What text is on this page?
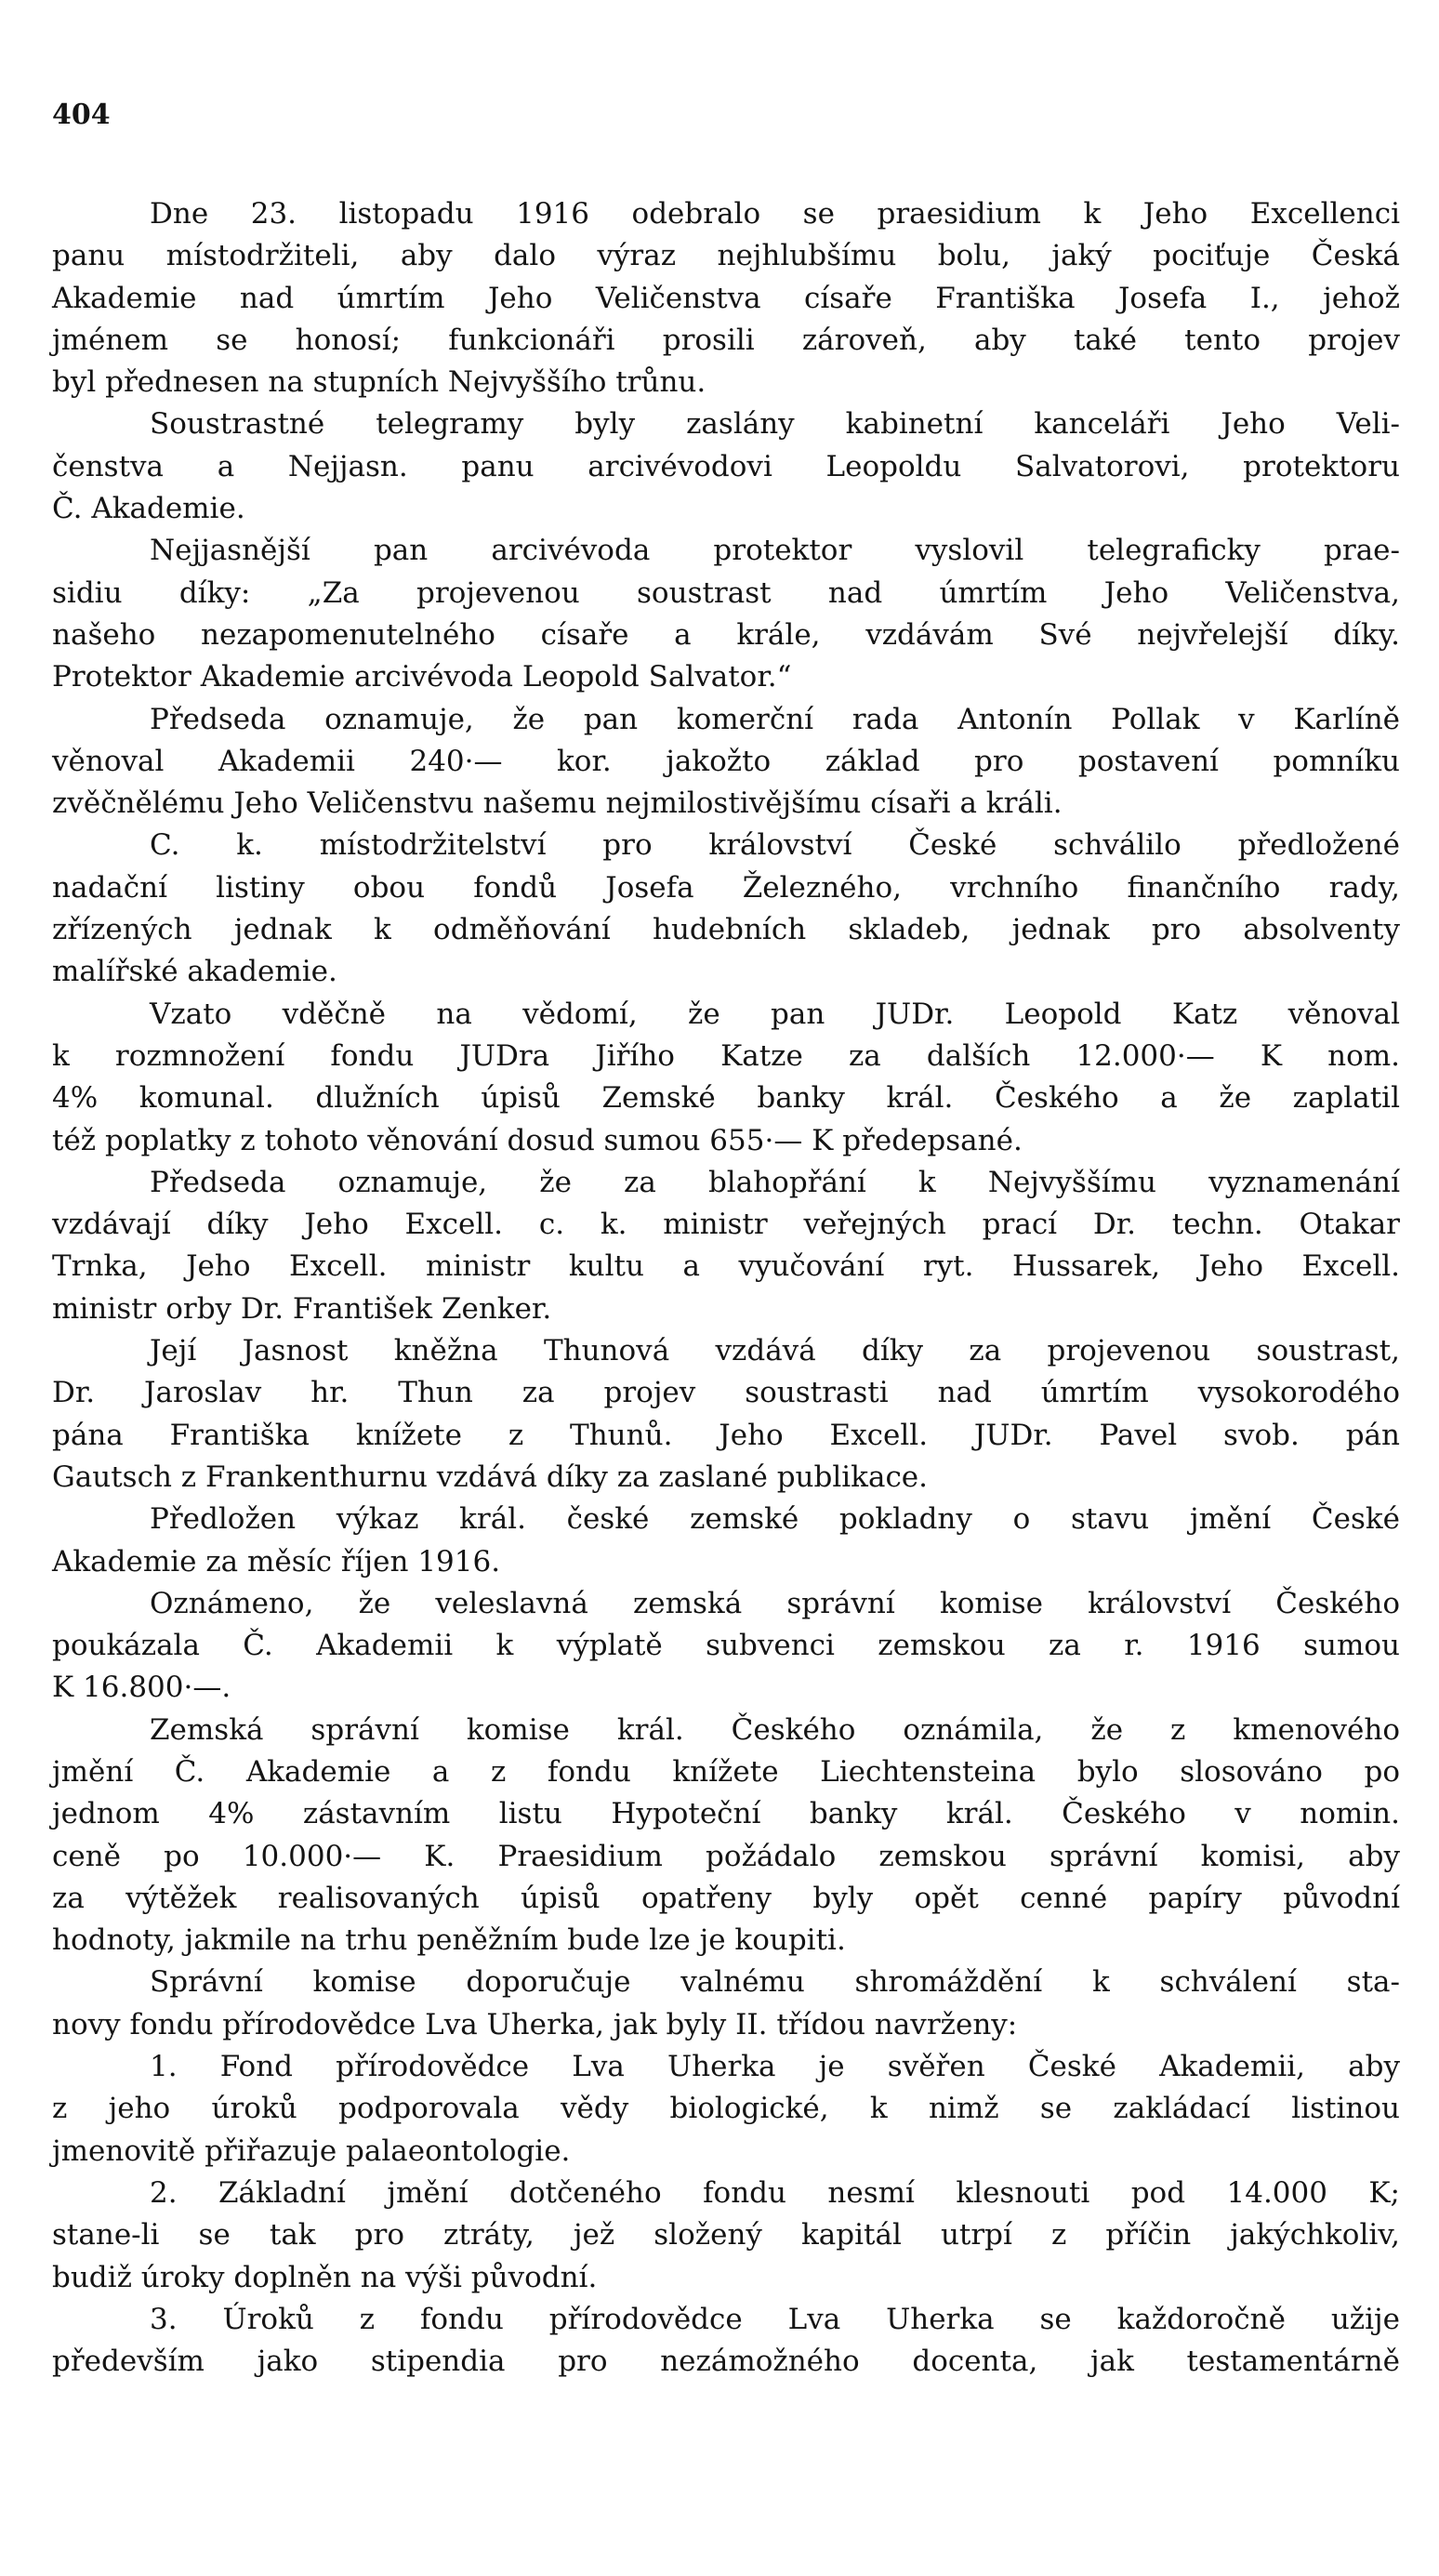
404

Dne 23. listopadu 1916 odebralo se praesidium k Jeho Excellenci

panu místodržiteli, aby dalo výraz nejhlubšímu bolu, jaký pociťuje Česká

Akademie nad úmrtím Jeho Veličenstva císaře Františka Josefa I., jehož

jménem se honosí; funkcionáři prosili zároveň, aby také tento projev

byl přednesen na stupních Nejvyššího trůnu.

Soustrastné telegramy byly zaslány kabinetní kanceláři Jeho Veli-

čenstva a Nejjasn. panu arcivévodovi Leopoldu Salvatorovi, protektoru

Č. Akademie.

Nejjasnější pan arcivévoda protektor vyslovil telegraficky prae-

sidiu díky: „Za projevenou soustrast nad úmrtím Jeho Veličenstva,

našeho nezapomenutelného císaře a krále, vzdávám Své nejvřelejší díky.

Protektor Akademie arcivévoda Leopold Salvator.“

Předseda oznamuje, že pan komerční rada Antonín Pollak v Karlíně

věnoval Akademii 240·— kor. jakožto základ pro postavení pomníku

zvěčnělému Jeho Veličenstvu našemu nejmilostivějšímu císaři a králi.

C. k. místodržitelství pro království České schválilo předložené

nadační listiny obou fondů Josefa Železného, vrchního finančního rady,

zřízených jednak k odměňování hudebních skladeb, jednak pro absolventy

malířské akademie.

Vzato vděčně na vědomí, že pan JUDr. Leopold Katz věnoval

k rozmnožení fondu JUDra Jiřího Katze za dalších 12.000·— K nom.

4% komunal. dlužních úpisů Zemské banky král. Českého a že zaplatil

též poplatky z tohoto věnování dosud sumou 655·— K předepsané.

Předseda oznamuje, že za blahopřání k Nejvyššímu vyznamenání

vzdávají díky Jeho Excell. c. k. ministr veřejných prací Dr. techn. Otakar

Trnka, Jeho Excell. ministr kultu a vyučování ryt. Hussarek, Jeho Excell.

ministr orby Dr. František Zenker.

Její Jasnost kněžna Thunová vzdává díky za projevenou soustrast,

Dr. Jaroslav hr. Thun za projev soustrasti nad úmrtím vysokorodého

pána Františka knížete z Thunů. Jeho Excell. JUDr. Pavel svob. pán

Gautsch z Frankenthurnu vzdává díky za zaslané publikace.

Předložen výkaz král. české zemské pokladny o stavu jmění České

Akademie za měsíc říjen 1916.

Oznámeno, že veleslavná zemská správní komise království Českého

poukázala Č. Akademii k výplatě subvenci zemskou za r. 1916 sumou

K 16.800·—.

Zemská správní komise král. Českého oznámila, že z kmenového

jmění Č. Akademie a z fondu knížete Liechtensteina bylo slosováno po

jednom 4% zástavním listu Hypoteční banky král. Českého v nomin.

ceně po 10.000·— K. Praesidium požádalo zemskou správní komisi, aby

za výtěžek realisovaných úpisů opatřeny byly opět cenné papíry původní

hodnoty, jakmile na trhu peněžním bude lze je koupiti.

Správní komise doporučuje valnému shromáždění k schválení sta-

novy fondu přírodovědce Lva Uherka, jak byly II. třídou navrženy:

1. Fond přírodovědce Lva Uherka je svěřen České Akademii, aby

z jeho úroků podporovala vědy biologické, k nimž se zakládací listinou

jmenovitě přiřazuje palaeontologie.

2. Základní jmění dotčeného fondu nesmí klesnouti pod 14.000 K;

stane-li se tak pro ztráty, jež složený kapitál utrpí z příčin jakýchkoliv,

budiž úroky doplněn na výši původní.

3. Úroků z fondu přírodovědce Lva Uherka se každoročně užije

především jako stipendia pro nezámožného docenta, jak testamentárně
